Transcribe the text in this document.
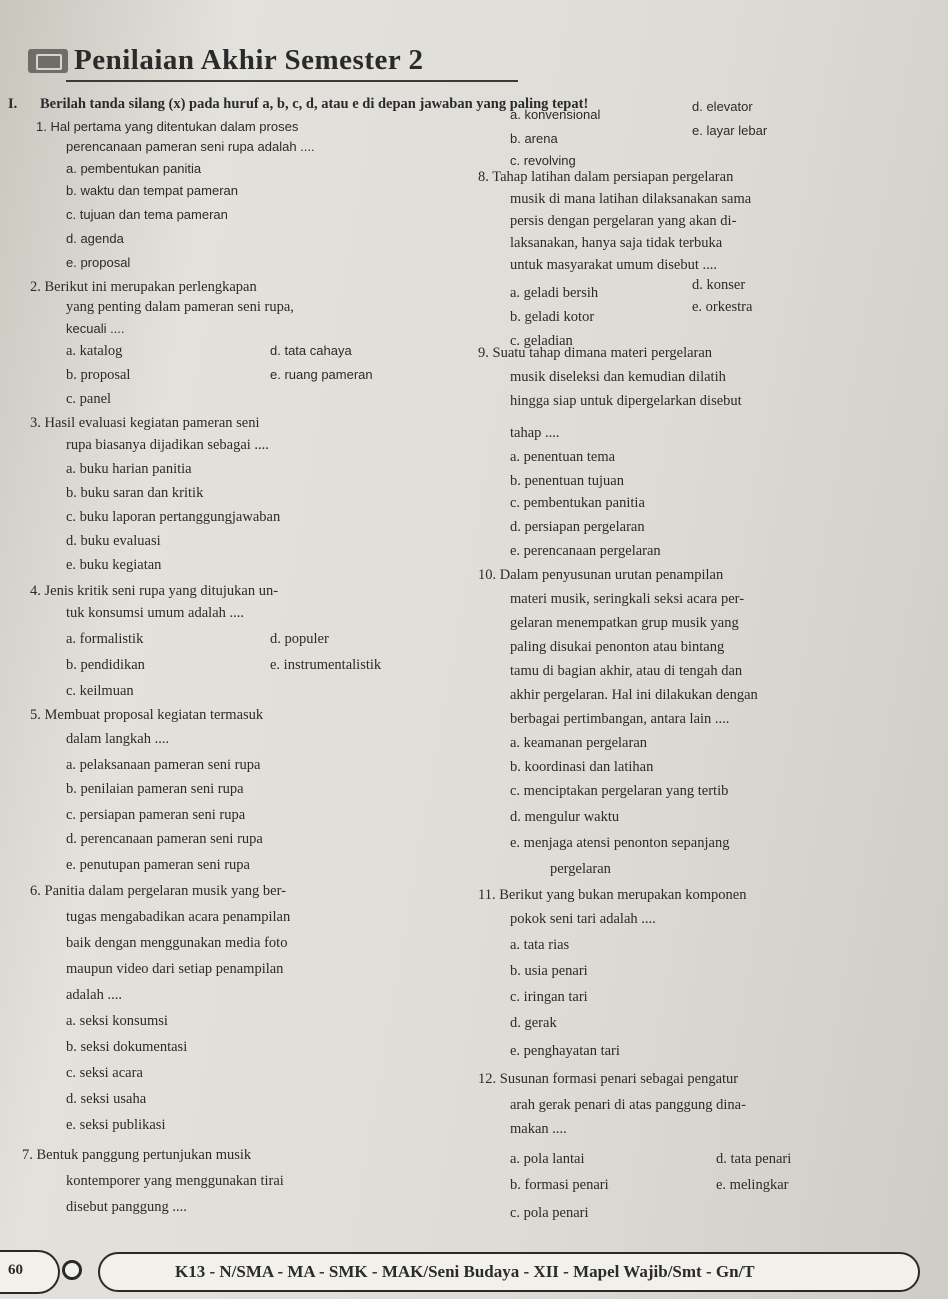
Penilaian Akhir Semester 2
I. Berilah tanda silang (x) pada huruf a, b, c, d, atau e di depan jawaban yang paling tepat!
1. Hal pertama yang ditentukan dalam proses
perencanaan pameran seni rupa adalah ....
a. pembentukan panitia
b. waktu dan tempat pameran
c. tujuan dan tema pameran
d. agenda
e. proposal
2. Berikut ini merupakan perlengkapan
yang penting dalam pameran seni rupa,
kecuali ....
a. katalog	d. tata cahaya
b. proposal	e. ruang pameran
c. panel
3. Hasil evaluasi kegiatan pameran seni
rupa biasanya dijadikan sebagai ....
a. buku harian panitia
b. buku saran dan kritik
c. buku laporan pertanggungjawaban
d. buku evaluasi
e. buku kegiatan
4. Jenis kritik seni rupa yang ditujukan un-
tuk konsumsi umum adalah ....
a. formalistik	d. populer
b. pendidikan	e. instrumentalistik
c. keilmuan
5. Membuat proposal kegiatan termasuk
dalam langkah ....
a. pelaksanaan pameran seni rupa
b. penilaian pameran seni rupa
c. persiapan pameran seni rupa
d. perencanaan pameran seni rupa
e. penutupan pameran seni rupa
6. Panitia dalam pergelaran musik yang ber-
tugas mengabadikan acara penampilan
baik dengan menggunakan media foto
maupun video dari setiap penampilan
adalah ....
a. seksi konsumsi
b. seksi dokumentasi
c. seksi acara
d. seksi usaha
e. seksi publikasi
7. Bentuk panggung pertunjukan musik
kontemporer yang menggunakan tirai
disebut panggung ....
a. konvensional
b. arena
c. revolving
8. Tahap latihan dalam persiapan pergelaran
musik di mana latihan dilaksanakan sama
persis dengan pergelaran yang akan di-
laksanakan, hanya saja tidak terbuka
untuk masyarakat umum disebut ....
c. geladian
9. Suatu tahap dimana materi pergelaran
musik diseleksi dan kemudian dilatih
hingga siap untuk dipergelarkan disebut
tahap ....
a. penentuan tema
b. penentuan tujuan
c. pembentukan panitia
d. persiapan pergelaran
e. perencanaan pergelaran
10. Dalam penyusunan urutan penampilan
materi musik, seringkali seksi acara per-
gelaran menempatkan grup musik yang
paling disukai penonton atau bintang
tamu di bagian akhir, atau di tengah dan
akhir pergelaran. Hal ini dilakukan dengan
berbagai pertimbangan, antara lain ....
a. keamanan pergelaran
b. koordinasi dan latihan
c. menciptakan pergelaran yang tertib
d. mengulur waktu
e. menjaga atensi penonton sepanjang
pergelaran
11. Berikut yang bukan merupakan komponen
pokok seni tari adalah ....
a. tata rias
b. usia penari
c. iringan tari
d. gerak
e. penghayatan tari
12. Susunan formasi penari sebagai pengatur
arah gerak penari di atas panggung dina-
makan ....
c. pola penari
d. elevator
e. layar lebar
d. konser
e. orkestra
a. geladi bersih
b. geladi kotor
a. pola lantai	d. tata penari
b. formasi penari	e. melingkar
60	K13 - N/SMA - MA - SMK - MAK/Seni Budaya - XII - Mapel Wajib/Smt - Gn/T
